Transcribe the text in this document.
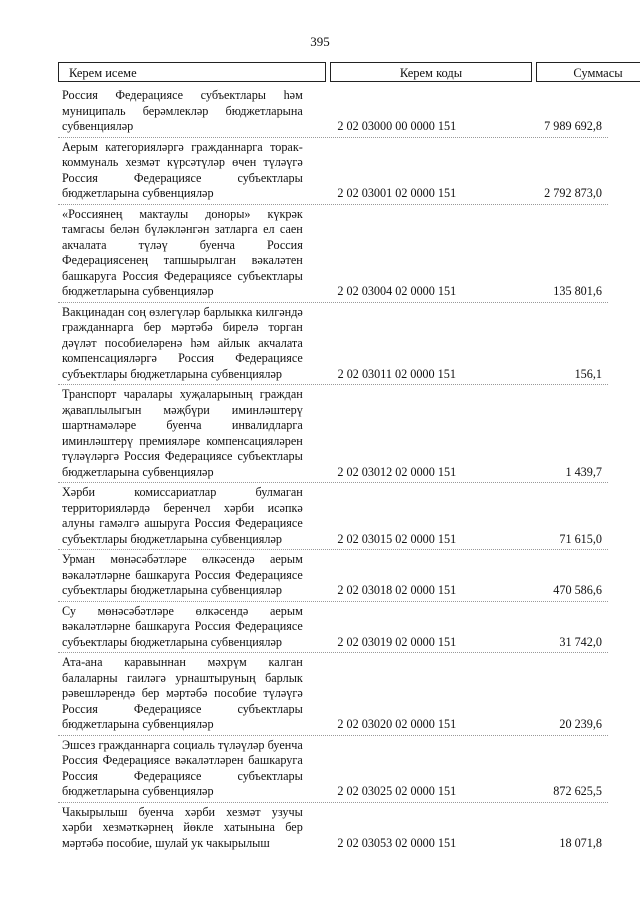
395
Керем исеме	Керем коды	Суммасы
Россия Федерациясе субъектлары һәм муниципаль берәмлекләр бюджетларына субвенцияләр	2 02 03000 00 0000 151	7 989 692,8
Аерым категорияләргә гражданнарга торак-коммуналь хезмәт күрсәтүләр өчен түләүгә Россия Федерациясе субъектлары бюджетларына субвенцияләр	2 02 03001 02 0000 151	2 792 873,0
«Россиянең мактаулы доноры» күкрәк тамгасы белән бүләкләнгән затларга ел саен акчалата түләү буенча Россия Федерациясенең тапшырылган вәкаләтен башкаруга Россия Федерациясе субъектлары бюджетларына субвенцияләр	2 02 03004 02 0000 151	135 801,6
Вакцинадан соң өзлегүләр барлыкка килгәндә гражданнарга бер мәртәбә бирелә торган дәүләт пособиеләренә һәм айлык акчалата компенсацияләргә Россия Федерациясе субъектлары бюджетларына субвенцияләр	2 02 03011 02 0000 151	156,1
Транспорт чаралары хуҗаларының граждан җаваплылыгын мәҗбүри иминләштерү шартнамәләре буенча инвалидларга иминләштерү премияләре компенсацияләрен түләүләргә Россия Федерациясе субъектлары бюджетларына субвенцияләр	2 02 03012 02 0000 151	1 439,7
Хәрби комиссариатлар булмаган территорияләрдә беренчел хәрби исәпкә алуны гамәлгә ашыруга Россия Федерациясе субъектлары бюджетларына субвенцияләр	2 02 03015 02 0000 151	71 615,0
Урман мөнәсәбәтләре өлкәсендә аерым вәкаләтләрне башкаруга Россия Федерациясе субъектлары бюджетларына субвенцияләр	2 02 03018 02 0000 151	470 586,6
Су мөнәсәбәтләре өлкәсендә аерым вәкаләтләрне башкаруга Россия Федерациясе субъектлары бюджетларына субвенцияләр	2 02 03019 02 0000 151	31 742,0
Ата-ана каравыннан мәхрүм калган балаларны гаиләгә урнаштыруның барлык рәвешләрендә бер мәртәбә пособие түләүгә Россия Федерациясе субъектлары бюджетларына субвенцияләр	2 02 03020 02 0000 151	20 239,6
Эшсез гражданнарга социаль түләүләр буенча Россия Федерациясе вәкаләтләрен башкаруга Россия Федерациясе субъектлары бюджетларына субвенцияләр	2 02 03025 02 0000 151	872 625,5
Чакырылыш буенча хәрби хезмәт узучы хәрби хезмәткәрнең йөкле хатынына бер мәртәбә пособие, шулай ук чакырылыш	2 02 03053 02 0000 151	18 071,8
